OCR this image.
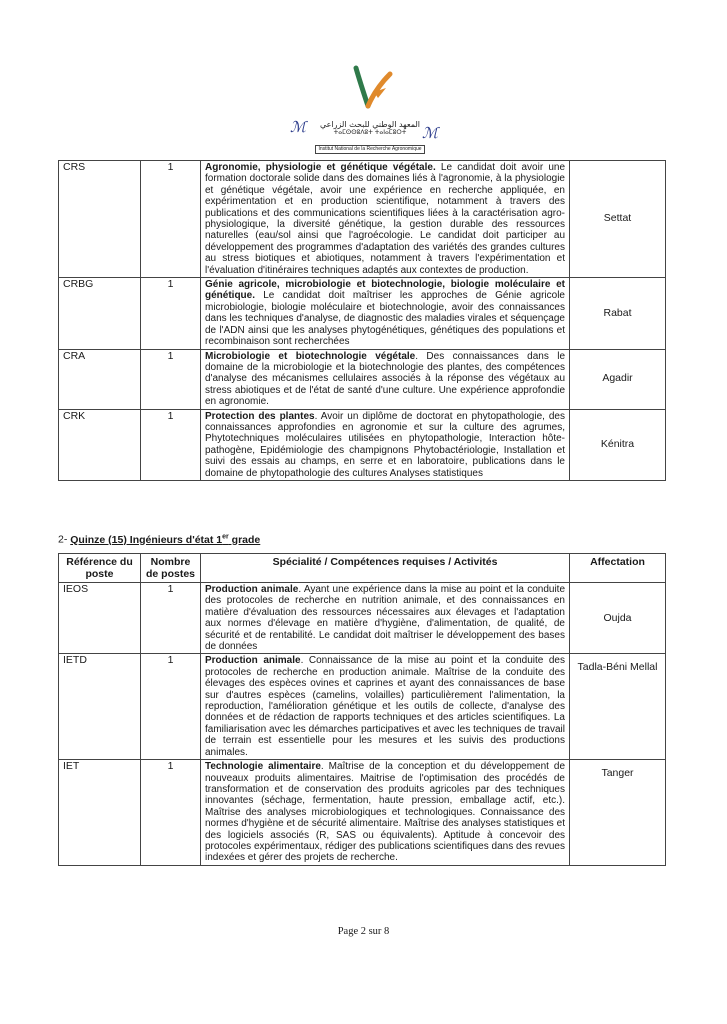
المعهد الوطني للبحث الزراعي
ⵜⴰⵎⵙⵙⵓⴷⵓⵜ ⵜⴰⵏⴰⵎⵓⵔⵜ
Institut National de la Recherche Agronomique
ℳ	ℳ
CRS	1	Agronomie, physiologie et génétique végétale. Le candidat doit avoir une formation doctorale solide dans des domaines liés à l'agronomie, à la physiologie et génétique végétale, avoir une expérience en recherche appliquée, en expérimentation et en production scientifique, notamment à travers des publications et des communications scientifiques liées à la caractérisation agro-physiologique, la diversité génétique, la gestion durable des ressources naturelles (eau/sol ainsi que l'agroécologie. Le candidat doit participer au développement des programmes d'adaptation des variétés des grandes cultures au stress biotiques et abiotiques, notamment à travers l'expérimentation et l'évaluation d'itinéraires techniques adaptés aux contextes de production.	Settat
CRBG	1	Génie agricole, microbiologie et biotechnologie, biologie moléculaire et génétique. Le candidat doit maîtriser les approches de Génie agricole microbiologie, biologie moléculaire et biotechnologie, avoir des connaissances dans les techniques d'analyse, de diagnostic des maladies virales et séquençage de l'ADN ainsi que les analyses phytogénétiques, génétiques des populations et recombinaison sont recherchées	Rabat
CRA	1	Microbiologie et biotechnologie végétale. Des connaissances dans le domaine de la microbiologie et la biotechnologie des plantes, des compétences d'analyse des mécanismes cellulaires associés à la réponse des végétaux au stress abiotiques et de l'état de santé d'une culture. Une expérience approfondie en agronomie.	Agadir
CRK	1	Protection des plantes. Avoir un diplôme de doctorat en phytopathologie, des connaissances approfondies en agronomie et sur la culture des agrumes, Phytotechniques moléculaires utilisées en phytopathologie, Interaction hôte-pathogène, Epidémiologie des champignons Phytobactériologie, Installation et suivi des essais au champs, en serre et en laboratoire, publications dans le domaine de phytopathologie des cultures Analyses statistiques	Kénitra
2- Quinze (15) Ingénieurs d'état 1er grade
Référence du poste	Nombre de postes	Spécialité / Compétences requises / Activités	Affectation
IEOS	1	Production animale. Ayant une expérience dans la mise au point et la conduite des protocoles de recherche en nutrition animale, et des connaissances en matière d'évaluation des ressources nécessaires aux élevages et l'adaptation aux normes d'élevage en matière d'hygiène, d'alimentation, de qualité, de sécurité et de rentabilité. Le candidat doit maîtriser le développement des bases de données	Oujda
IETD	1	Production animale. Connaissance de la mise au point et la conduite des protocoles de recherche en production animale. Maîtrise de la conduite des élevages des espèces ovines et caprines et ayant des connaissances de base sur d'autres espèces (camelins, volailles) particulièrement l'alimentation, la reproduction, l'amélioration génétique et les outils de collecte, d'analyse des données et de rédaction de rapports techniques et des articles scientifiques. La familiarisation avec les démarches participatives et avec les techniques de travail de terrain est essentielle pour les mesures et les suivis des productions animales.	Tadla-Béni Mellal
IET	1	Technologie alimentaire. Maîtrise de la conception et du développement de nouveaux produits alimentaires. Maitrise de l'optimisation des procédés de transformation et de conservation des produits agricoles par des techniques innovantes (séchage, fermentation, haute pression, emballage actif, etc.). Maîtrise des analyses microbiologiques et technologiques. Connaissance des normes d'hygiène et de sécurité alimentaire. Maîtrise des analyses statistiques et des logiciels associés (R, SAS ou équivalents). Aptitude à concevoir des protocoles expérimentaux, rédiger des publications scientifiques dans des revues indexées et gérer des projets de recherche.	Tanger
Page 2 sur 8
